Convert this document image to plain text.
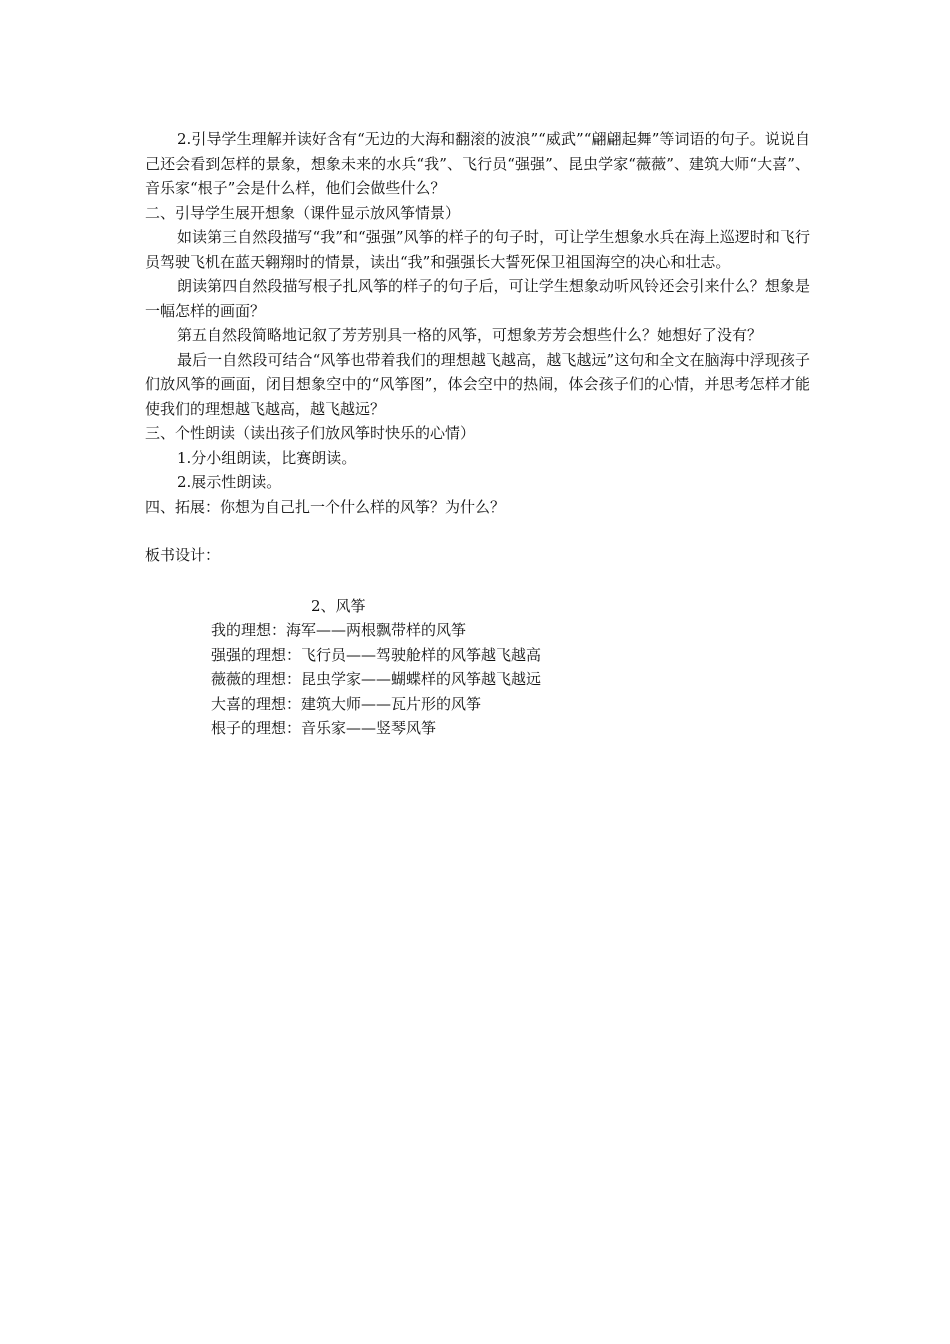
2.引导学生理解并读好含有“无边的大海和翻滚的波浪”“威武”“翩翩起舞”等词语的句子。说说自己还会看到怎样的景象，想象未来的水兵“我”、飞行员“强强”、昆虫学家“薇薇”、建筑大师“大喜”、音乐家“根子”会是什么样，他们会做些什么？

二、引导学生展开想象（课件显示放风筝情景）

如读第三自然段描写“我”和“强强”风筝的样子的句子时，可让学生想象水兵在海上巡逻时和飞行员驾驶飞机在蓝天翱翔时的情景，读出“我”和强强长大誓死保卫祖国海空的决心和壮志。

朗读第四自然段描写根子扎风筝的样子的句子后，可让学生想象动听风铃还会引来什么？想象是一幅怎样的画面？

第五自然段简略地记叙了芳芳别具一格的风筝，可想象芳芳会想些什么？她想好了没有？

最后一自然段可结合“风筝也带着我们的理想越飞越高，越飞越远”这句和全文在脑海中浮现孩子们放风筝的画面，闭目想象空中的“风筝图”，体会空中的热闹，体会孩子们的心情，并思考怎样才能使我们的理想越飞越高，越飞越远？

三、个性朗读（读出孩子们放风筝时快乐的心情）

1.分小组朗读，比赛朗读。

2.展示性朗读。

四、拓展：你想为自己扎一个什么样的风筝？为什么？

板书设计：

2、风筝

我的理想：海军——两根飘带样的风筝

强强的理想：飞行员——驾驶舱样的风筝越飞越高

薇薇的理想：昆虫学家——蝴蝶样的风筝越飞越远

大喜的理想：建筑大师——瓦片形的风筝

根子的理想：音乐家——竖琴风筝
